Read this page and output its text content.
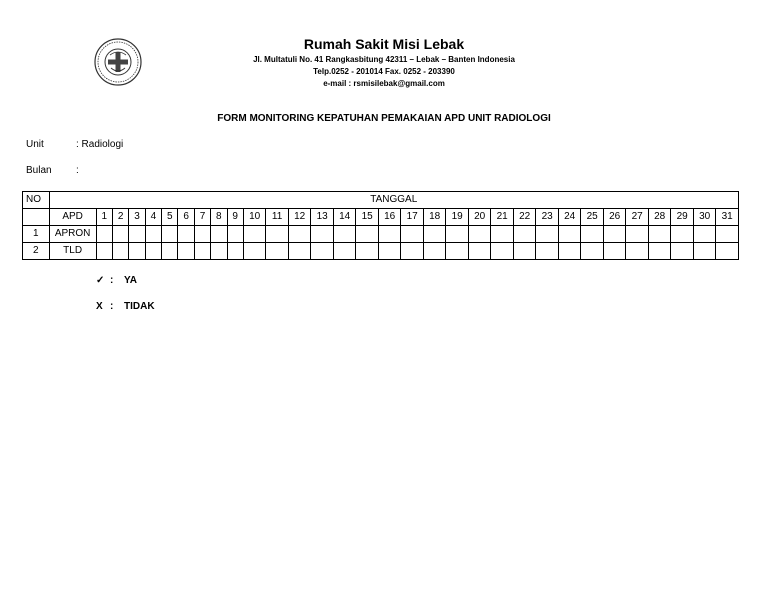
Rumah Sakit Misi Lebak
Jl. Multatuli No. 41 Rangkasbitung 42311 – Lebak – Banten Indonesia
Telp.0252 - 201014 Fax. 0252 - 203390
e-mail : rsmisilebak@gmail.com
FORM MONITORING KEPATUHAN PEMAKAIAN APD UNIT RADIOLOGI
Unit	: Radiologi
Bulan :
NO	TANGGAL																															
	APD	1	2	3	4	5	6	7	8	9	10	11	12	13	14	15	16	17	18	19	20	21	22	23	24	25	26	27	28	29	30	31
1	APRON																															
2	TLD																															
✓ : YA
X : TIDAK
